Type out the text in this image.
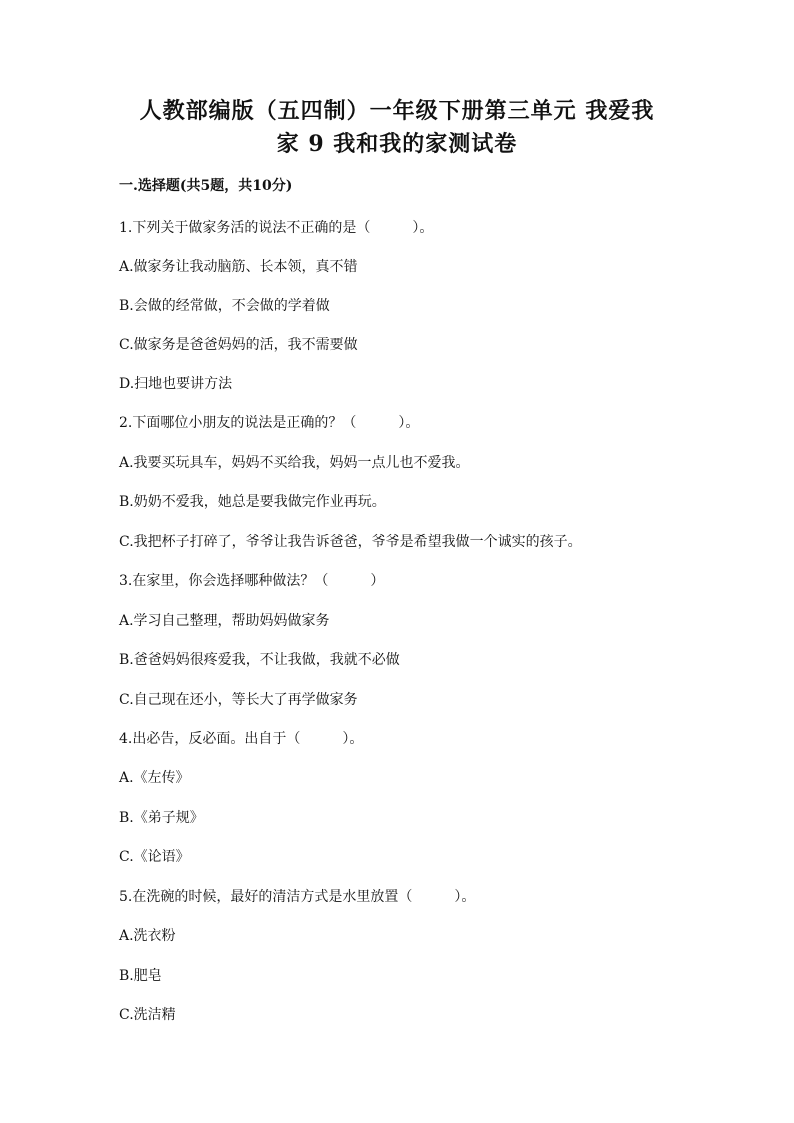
人教部编版（五四制）一年级下册第三单元 我爱我
家 9 我和我的家测试卷
一.选择题(共5题，共10分)
1.下列关于做家务活的说法不正确的是（　　　）。
A.做家务让我动脑筋、长本领，真不错
B.会做的经常做，不会做的学着做
C.做家务是爸爸妈妈的活，我不需要做
D.扫地也要讲方法
2.下面哪位小朋友的说法是正确的？（　　　）。
A.我要买玩具车，妈妈不买给我，妈妈一点儿也不爱我。
B.奶奶不爱我，她总是要我做完作业再玩。
C.我把杯子打碎了，爷爷让我告诉爸爸，爷爷是希望我做一个诚实的孩子。
3.在家里，你会选择哪种做法？（　　　）
A.学习自己整理，帮助妈妈做家务
B.爸爸妈妈很疼爱我，不让我做，我就不必做
C.自己现在还小，等长大了再学做家务
4.出必告，反必面。出自于（　　　）。
A.《左传》
B.《弟子规》
C.《论语》
5.在洗碗的时候，最好的清洁方式是水里放置（　　　）。
A.洗衣粉
B.肥皂
C.洗洁精
